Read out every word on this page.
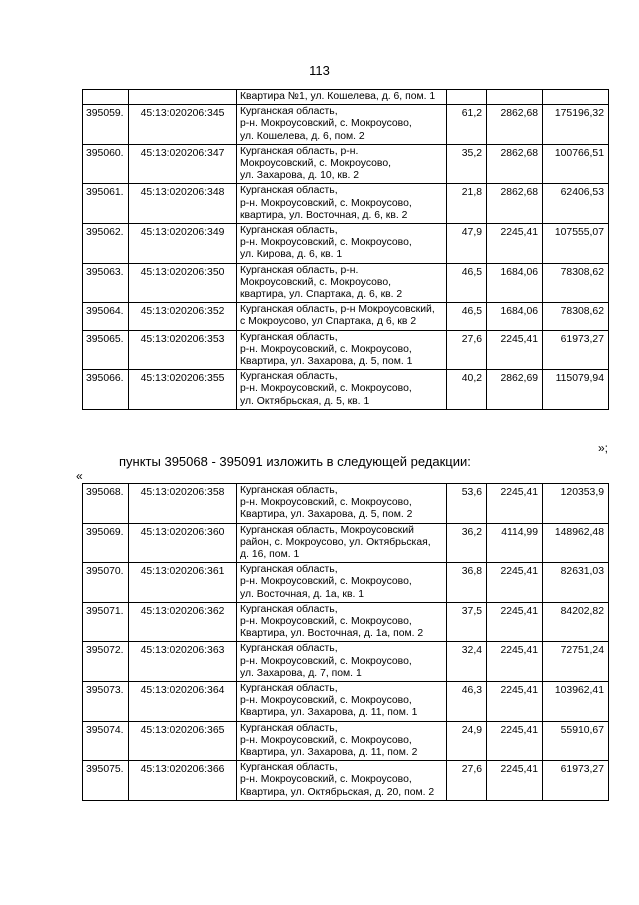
113
		Квартира №1, ул. Кошелева, д. 6, пом. 1			
395059.	45:13:020206:345	Курганская область,
р-н. Мокроусовский, с. Мокроусово,
ул. Кошелева, д. 6, пом. 2	61,2	2862,68	175196,32
395060.	45:13:020206:347	Курганская область, р-н.
Мокроусовский, с. Мокроусово,
ул. Захарова, д. 10, кв. 2	35,2	2862,68	100766,51
395061.	45:13:020206:348	Курганская область,
р-н. Мокроусовский, с. Мокроусово,
квартира, ул. Восточная, д. 6, кв. 2	21,8	2862,68	62406,53
395062.	45:13:020206:349	Курганская область,
р-н. Мокроусовский, с. Мокроусово,
ул. Кирова, д. 6, кв. 1	47,9	2245,41	107555,07
395063.	45:13:020206:350	Курганская область, р-н.
Мокроусовский, с. Мокроусово,
квартира, ул. Спартака, д. 6, кв. 2	46,5	1684,06	78308,62
395064.	45:13:020206:352	Курганская область, р-н Мокроусовский,
с Мокроусово, ул Спартака, д 6, кв 2	46,5	1684,06	78308,62
395065.	45:13:020206:353	Курганская область,
р-н. Мокроусовский, с. Мокроусово,
Квартира, ул. Захарова, д. 5, пом. 1	27,6	2245,41	61973,27
395066.	45:13:020206:355	Курганская область,
р-н. Мокроусовский, с. Мокроусово,
ул. Октябрьская, д. 5, кв. 1	40,2	2862,69	115079,94
»;
пункты 395068 - 395091 изложить в следующей редакции:
«
395068.	45:13:020206:358	Курганская область,
р-н. Мокроусовский, с. Мокроусово,
Квартира, ул. Захарова, д. 5, пом. 2	53,6	2245,41	120353,9
395069.	45:13:020206:360	Курганская область, Мокроусовский
район, с. Мокроусово, ул. Октябрьская,
д. 16, пом. 1	36,2	4114,99	148962,48
395070.	45:13:020206:361	Курганская область,
р-н. Мокроусовский, с. Мокроусово,
ул. Восточная, д. 1а, кв. 1	36,8	2245,41	82631,03
395071.	45:13:020206:362	Курганская область,
р-н. Мокроусовский, с. Мокроусово,
Квартира, ул. Восточная, д. 1а, пом. 2	37,5	2245,41	84202,82
395072.	45:13:020206:363	Курганская область,
р-н. Мокроусовский, с. Мокроусово,
ул. Захарова, д. 7, пом. 1	32,4	2245,41	72751,24
395073.	45:13:020206:364	Курганская область,
р-н. Мокроусовский, с. Мокроусово,
Квартира, ул. Захарова, д. 11, пом. 1	46,3	2245,41	103962,41
395074.	45:13:020206:365	Курганская область,
р-н. Мокроусовский, с. Мокроусово,
Квартира, ул. Захарова, д. 11, пом. 2	24,9	2245,41	55910,67
395075.	45:13:020206:366	Курганская область,
р-н. Мокроусовский, с. Мокроусово,
Квартира, ул. Октябрьская, д. 20, пом. 2	27,6	2245,41	61973,27
